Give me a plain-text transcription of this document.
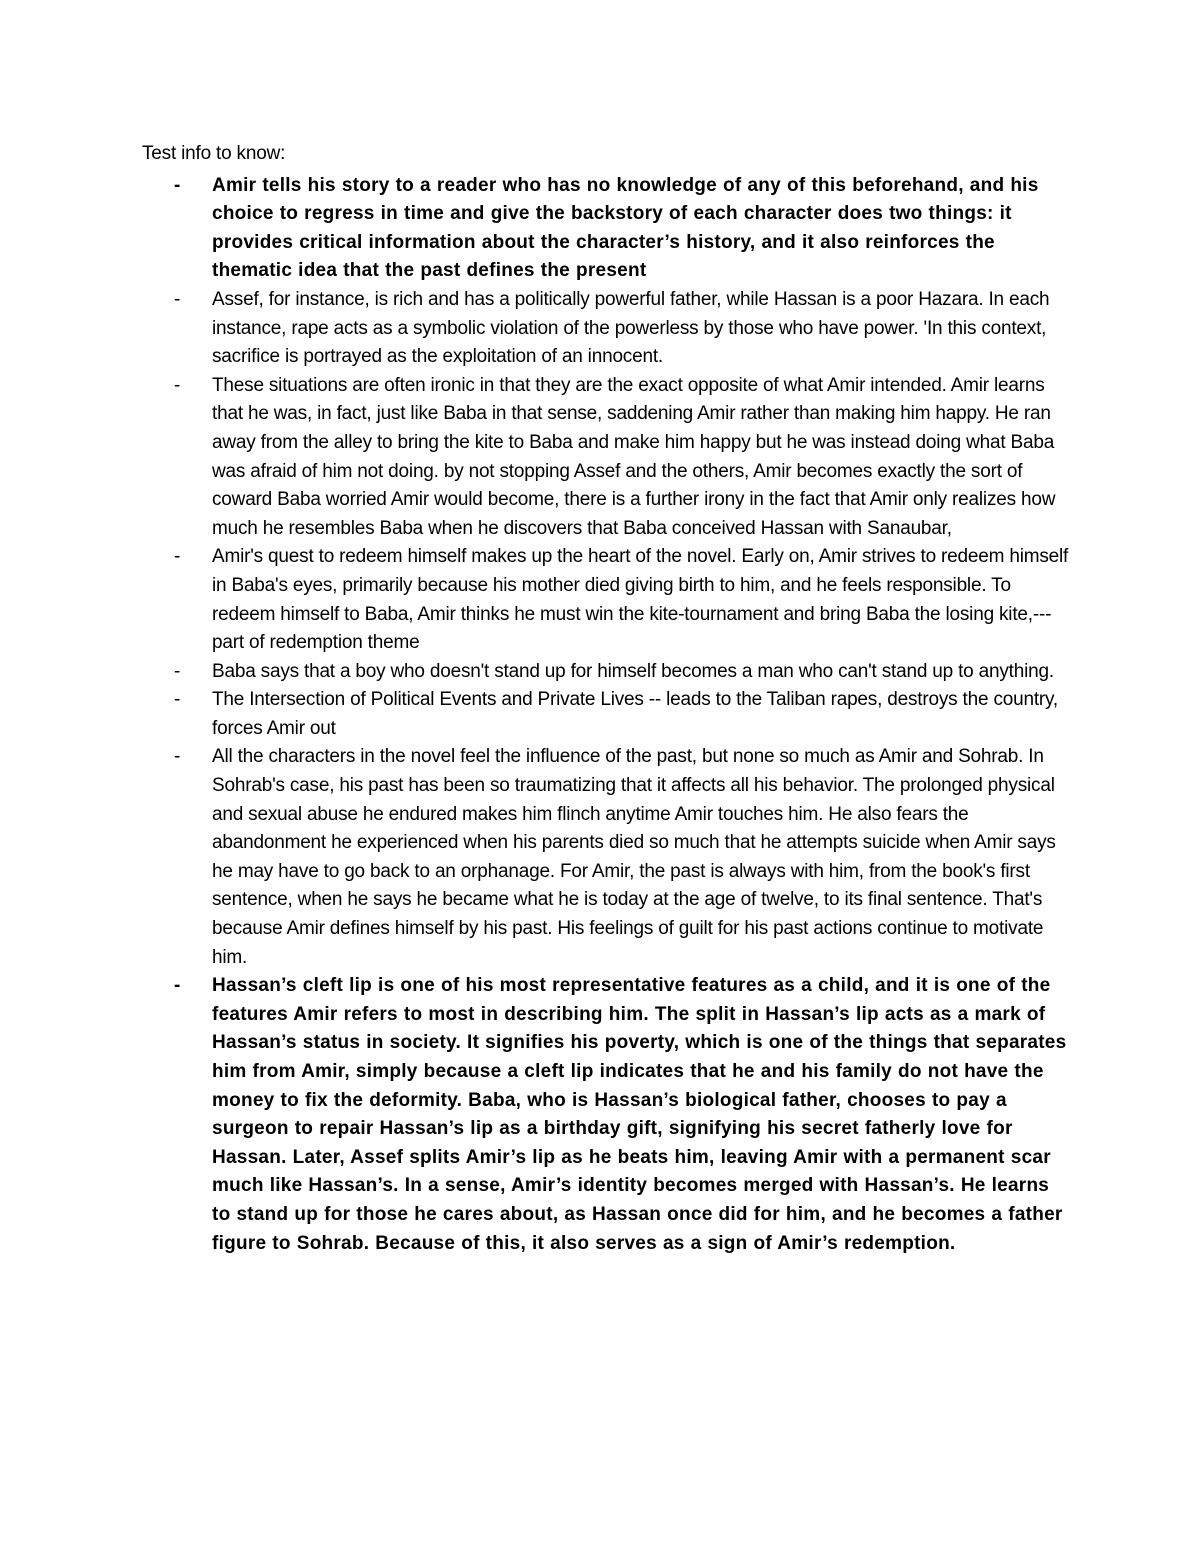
Test info to know:
- Amir tells his story to a reader who has no knowledge of any of this beforehand, and his choice to regress in time and give the backstory of each character does two things: it provides critical information about the character’s history, and it also reinforces the thematic idea that the past defines the present
- Assef, for instance, is rich and has a politically powerful father, while Hassan is a poor Hazara. In each instance, rape acts as a symbolic violation of the powerless by those who have power. 'In this context, sacrifice is portrayed as the exploitation of an innocent.
- These situations are often ironic in that they are the exact opposite of what Amir intended. Amir learns that he was, in fact, just like Baba in that sense, saddening Amir rather than making him happy. He ran away from the alley to bring the kite to Baba and make him happy but he was instead doing what Baba was afraid of him not doing. by not stopping Assef and the others, Amir becomes exactly the sort of coward Baba worried Amir would become, there is a further irony in the fact that Amir only realizes how much he resembles Baba when he discovers that Baba conceived Hassan with Sanaubar,
- Amir's quest to redeem himself makes up the heart of the novel. Early on, Amir strives to redeem himself in Baba's eyes, primarily because his mother died giving birth to him, and he feels responsible. To redeem himself to Baba, Amir thinks he must win the kite-tournament and bring Baba the losing kite,--- part of redemption theme
- Baba says that a boy who doesn't stand up for himself becomes a man who can't stand up to anything.
- The Intersection of Political Events and Private Lives -- leads to the Taliban rapes, destroys the country, forces Amir out
- All the characters in the novel feel the influence of the past, but none so much as Amir and Sohrab. In Sohrab's case, his past has been so traumatizing that it affects all his behavior. The prolonged physical and sexual abuse he endured makes him flinch anytime Amir touches him. He also fears the abandonment he experienced when his parents died so much that he attempts suicide when Amir says he may have to go back to an orphanage. For Amir, the past is always with him, from the book's first sentence, when he says he became what he is today at the age of twelve, to its final sentence. That's because Amir defines himself by his past. His feelings of guilt for his past actions continue to motivate him.
- Hassan’s cleft lip is one of his most representative features as a child, and it is one of the features Amir refers to most in describing him. The split in Hassan’s lip acts as a mark of Hassan’s status in society. It signifies his poverty, which is one of the things that separates him from Amir, simply because a cleft lip indicates that he and his family do not have the money to fix the deformity. Baba, who is Hassan’s biological father, chooses to pay a surgeon to repair Hassan’s lip as a birthday gift, signifying his secret fatherly love for Hassan. Later, Assef splits Amir’s lip as he beats him, leaving Amir with a permanent scar much like Hassan’s. In a sense, Amir’s identity becomes merged with Hassan’s. He learns to stand up for those he cares about, as Hassan once did for him, and he becomes a father figure to Sohrab. Because of this, it also serves as a sign of Amir’s redemption.
